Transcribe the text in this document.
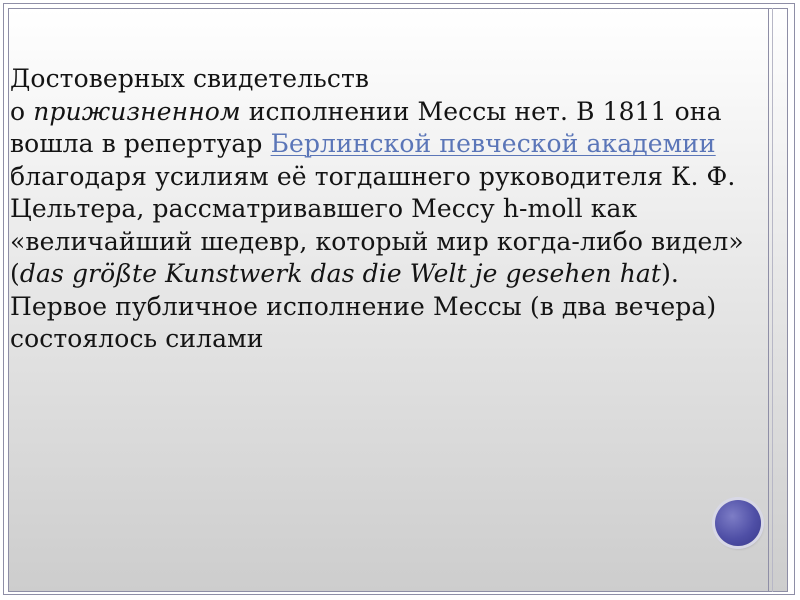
Достоверных свидетельств
о прижизненном исполнении Мессы нет. В 1811 она вошла в репертуар Берлинской певческой академии благодаря усилиям её тогдашнего руководителя К. Ф. Цельтера, рассматривавшего Мессу h-moll как «величайший шедевр, который мир когда-либо видел» (das größte Kunstwerk das die Welt je gesehen hat). Первое публичное исполнение Мессы (в два вечера) состоялось силами
